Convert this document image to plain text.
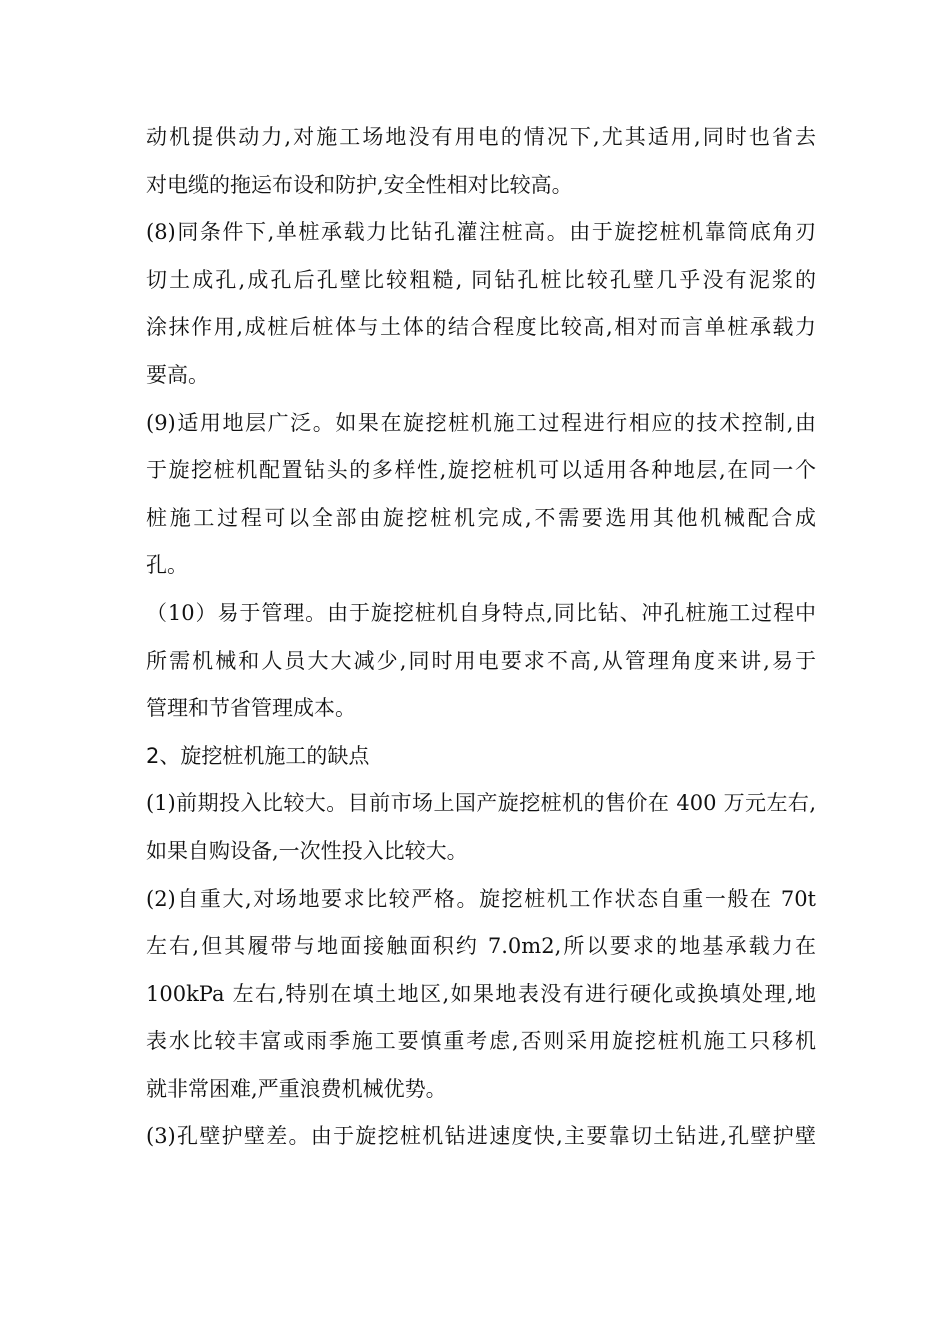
动机提供动力,对施工场地没有用电的情况下,尤其适用,同时也省去
对电缆的拖运布设和防护,安全性相对比较高。
(8)同条件下,单桩承载力比钻孔灌注桩高。由于旋挖桩机靠筒底角刃
切土成孔,成孔后孔壁比较粗糙, 同钻孔桩比较孔壁几乎没有泥浆的
涂抹作用,成桩后桩体与土体的结合程度比较高,相对而言单桩承载力
要高。
(9)适用地层广泛。如果在旋挖桩机施工过程进行相应的技术控制,由
于旋挖桩机配置钻头的多样性,旋挖桩机可以适用各种地层,在同一个
桩施工过程可以全部由旋挖桩机完成,不需要选用其他机械配合成
孔。
（10）易于管理。由于旋挖桩机自身特点,同比钻、冲孔桩施工过程中
所需机械和人员大大减少,同时用电要求不高,从管理角度来讲,易于
管理和节省管理成本。
2、旋挖桩机施工的缺点
(1)前期投入比较大。目前市场上国产旋挖桩机的售价在 400 万元左右,
如果自购设备,一次性投入比较大。
(2)自重大,对场地要求比较严格。旋挖桩机工作状态自重一般在 70t
左右,但其履带与地面接触面积约 7.0m2,所以要求的地基承载力在
100kPa 左右,特别在填土地区,如果地表没有进行硬化或换填处理,地
表水比较丰富或雨季施工要慎重考虑,否则采用旋挖桩机施工只移机
就非常困难,严重浪费机械优势。
(3)孔壁护壁差。由于旋挖桩机钻进速度快,主要靠切土钻进,孔壁护壁
